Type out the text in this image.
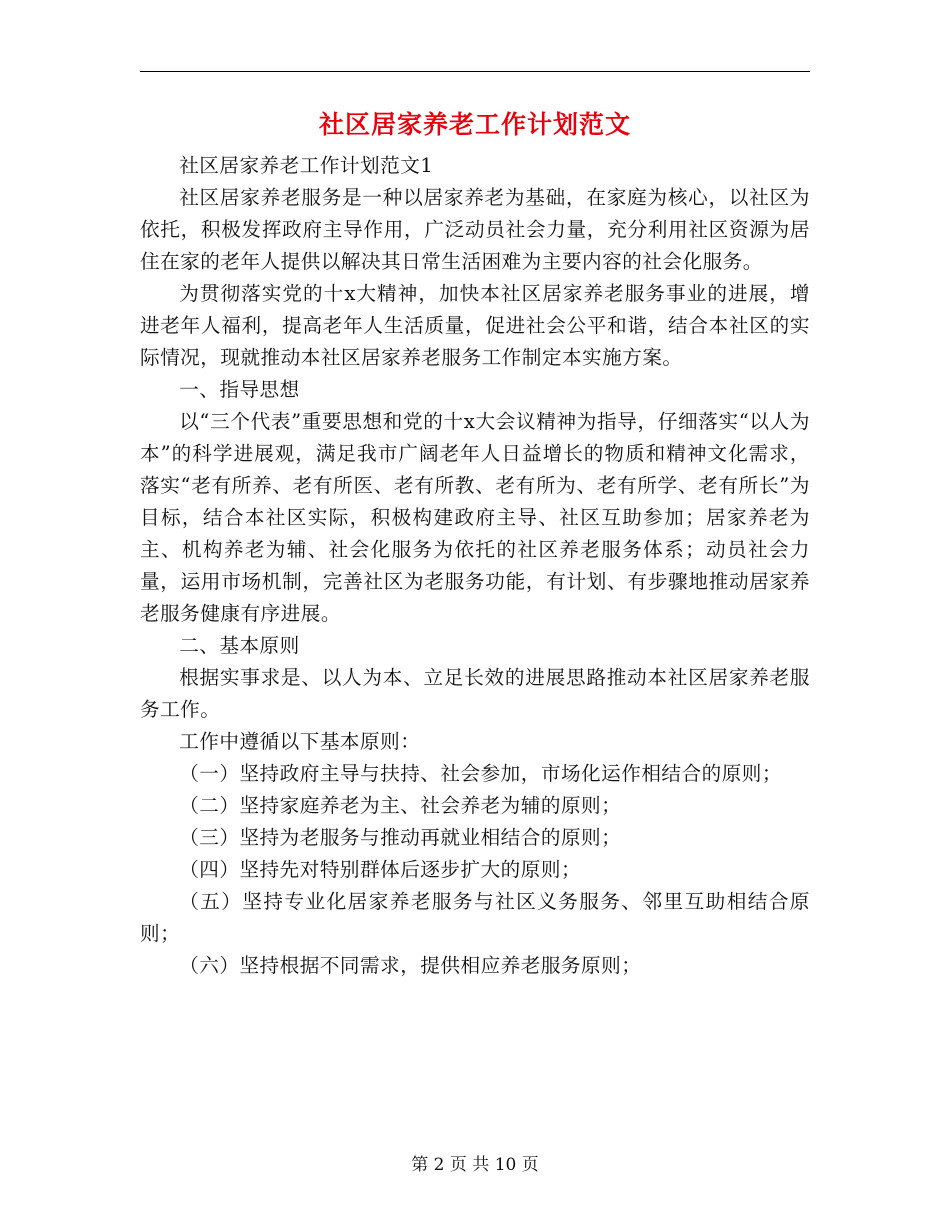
社区居家养老工作计划范文

社区居家养老工作计划范文1

社区居家养老服务是一种以居家养老为基础，在家庭为核心，以社区为依托，积极发挥政府主导作用，广泛动员社会力量，充分利用社区资源为居住在家的老年人提供以解决其日常生活困难为主要内容的社会化服务。

为贯彻落实党的十x大精神，加快本社区居家养老服务事业的进展，增进老年人福利，提高老年人生活质量，促进社会公平和谐，结合本社区的实际情况，现就推动本社区居家养老服务工作制定本实施方案。

一、指导思想

以“三个代表”重要思想和党的十x大会议精神为指导，仔细落实“以人为本”的科学进展观，满足我市广阔老年人日益增长的物质和精神文化需求，落实“老有所养、老有所医、老有所教、老有所为、老有所学、老有所长”为目标，结合本社区实际，积极构建政府主导、社区互助参加；居家养老为主、机构养老为辅、社会化服务为依托的社区养老服务体系；动员社会力量，运用市场机制，完善社区为老服务功能，有计划、有步骤地推动居家养老服务健康有序进展。

二、基本原则

根据实事求是、以人为本、立足长效的进展思路推动本社区居家养老服务工作。

工作中遵循以下基本原则：

（一）坚持政府主导与扶持、社会参加，市场化运作相结合的原则；

（二）坚持家庭养老为主、社会养老为辅的原则；

（三）坚持为老服务与推动再就业相结合的原则；

（四）坚持先对特别群体后逐步扩大的原则；

（五）坚持专业化居家养老服务与社区义务服务、邻里互助相结合原则；

（六）坚持根据不同需求，提供相应养老服务原则；

第 2 页 共 10 页
